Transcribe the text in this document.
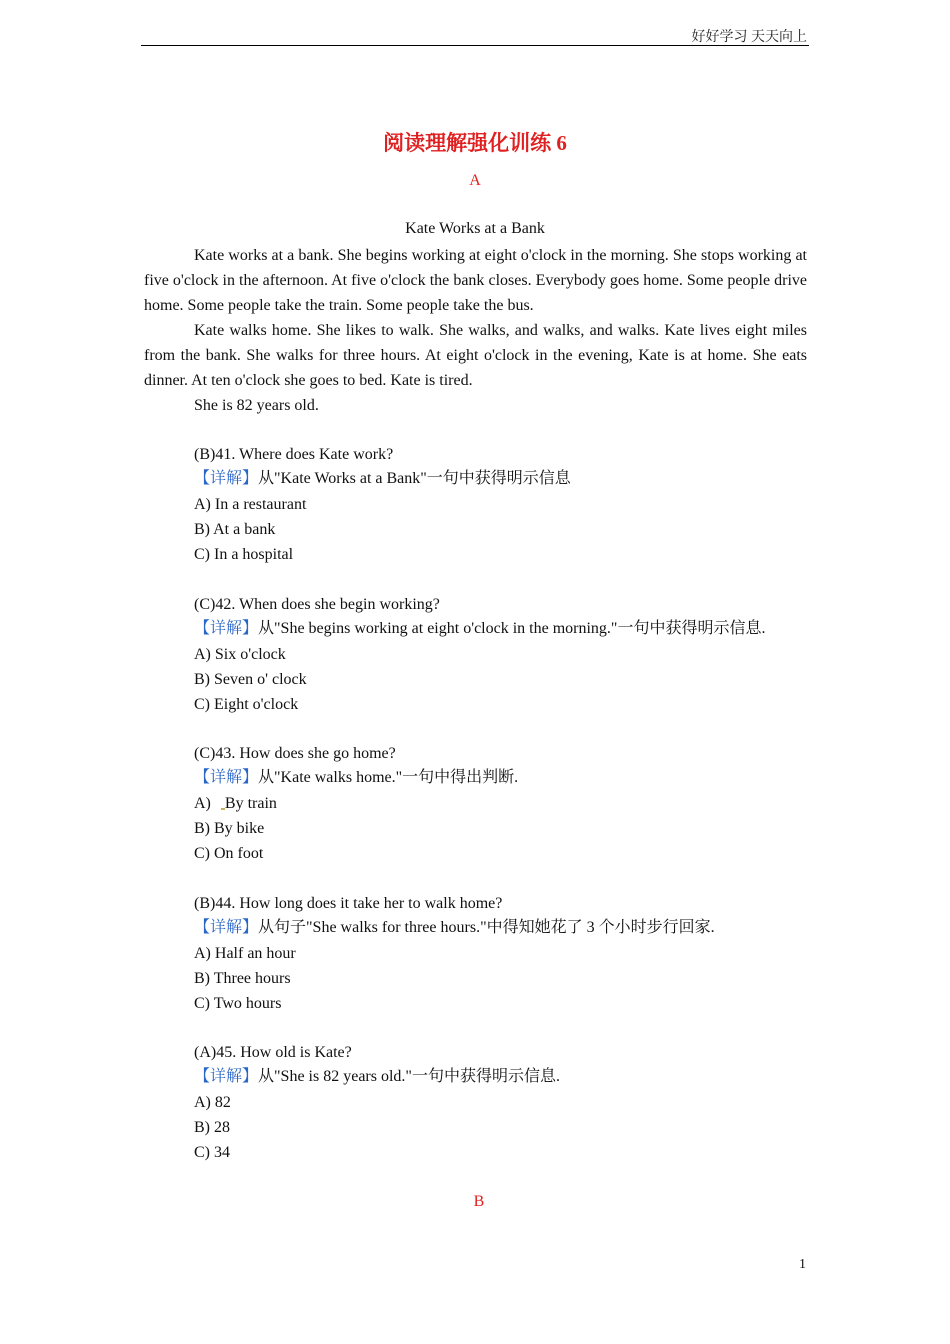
好好学习 天天向上
阅读理解强化训练 6
A
Kate Works at a Bank

Kate works at a bank. She begins working at eight o'clock in the morning. She stops working at five o'clock in the afternoon. At five o'clock the bank closes. Everybody goes home. Some people drive home. Some people take the train. Some people take the bus.

Kate walks home. She likes to walk. She walks, and walks, and walks. Kate lives eight miles from the bank. She walks for three hours. At eight o'clock in the evening, Kate is at home. She eats dinner. At ten o'clock she goes to bed. Kate is tired.

She is 82 years old.

(B)41. Where does Kate work?
【详解】从"Kate Works at a Bank"一句中获得明示信息
A) In a restaurant
B) At a bank
C) In a hospital
(C)42. When does she begin working?
【详解】从"She begins working at eight o'clock in the morning."一句中获得明示信息.
A) Six o'clock
B) Seven o' clock
C) Eight o'clock
(C)43. How does she go home?
【详解】从"Kate walks home."一句中得出判断.
A) By train
B) By bike
C) On foot
(B)44. How long does it take her to walk home?
【详解】从句子"She walks for three hours."中得知她花了 3 个小时步行回家.
A) Half an hour
B) Three hours
C) Two hours
(A)45. How old is Kate?
【详解】从"She is 82 years old."一句中获得明示信息.
A) 82
B) 28
C) 34
B
1
